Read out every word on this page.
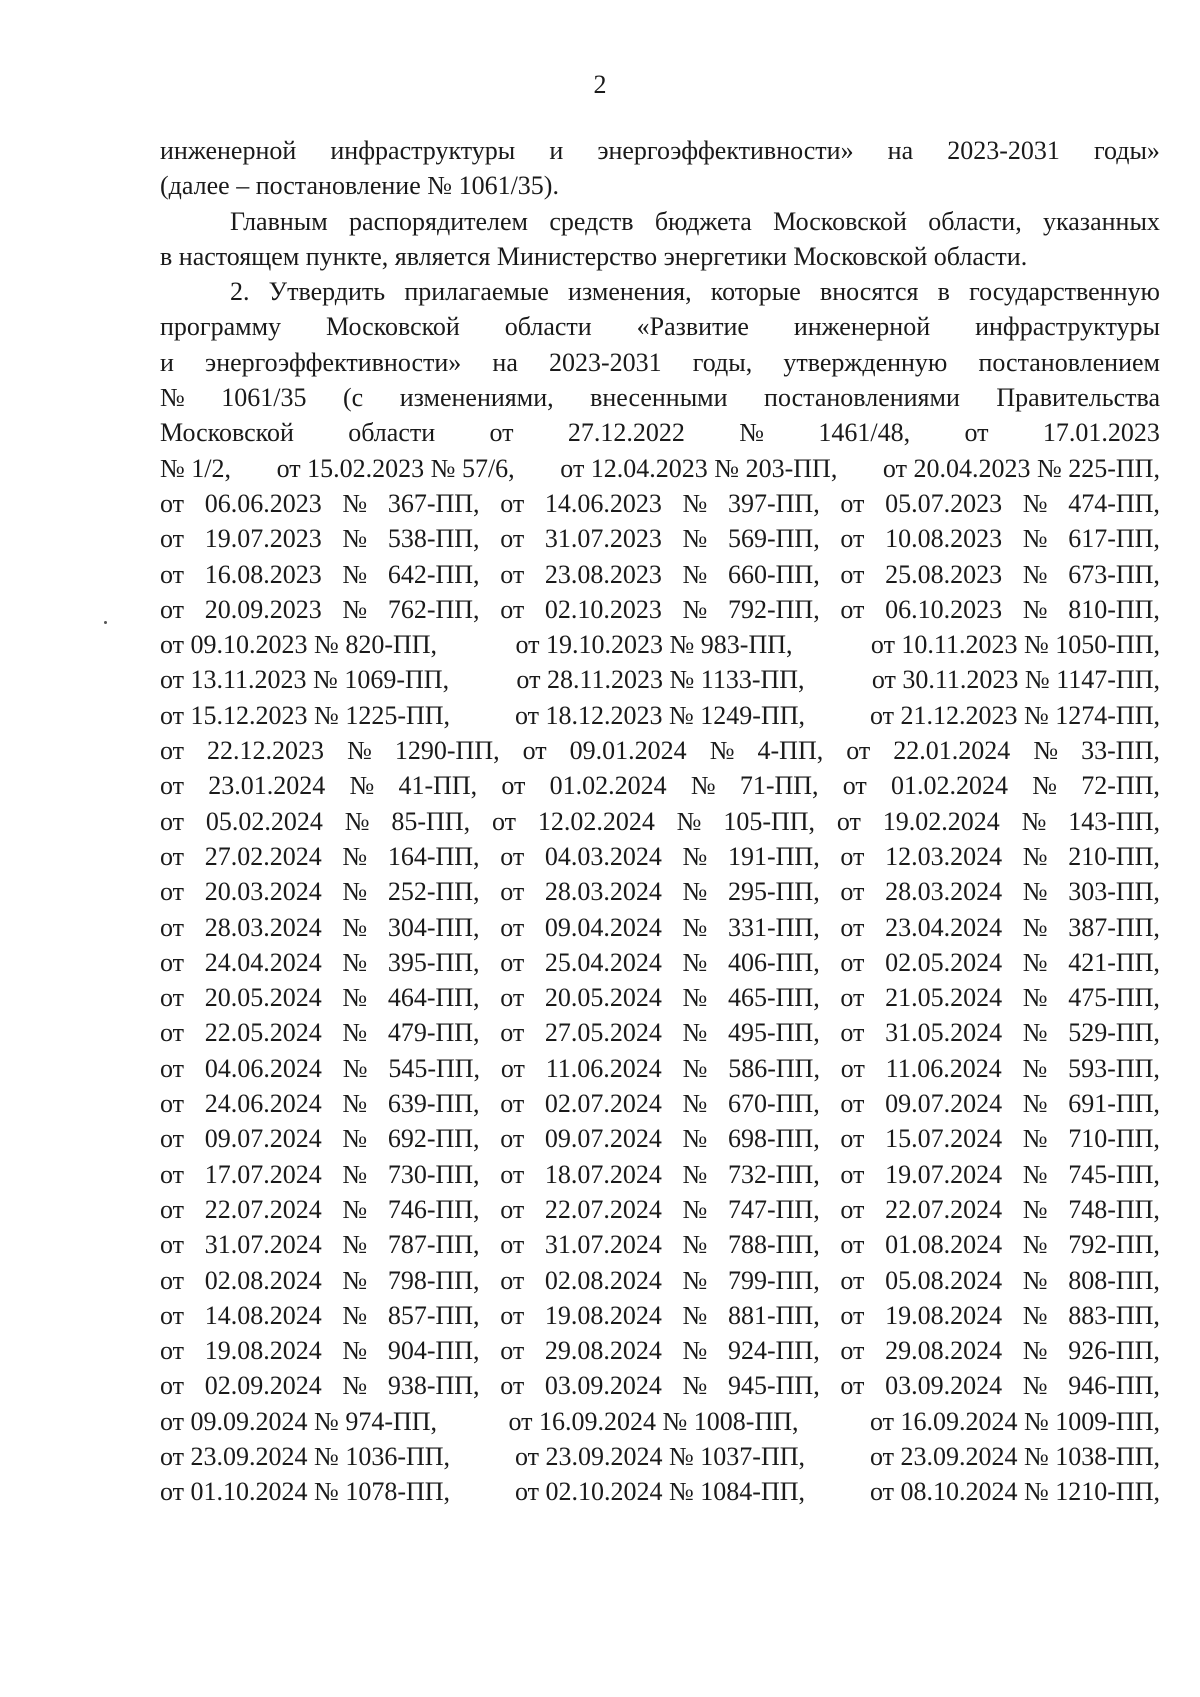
2
инженерной инфраструктуры и энергоэффективности» на 2023-2031 годы»
(далее – постановление № 1061/35).
Главным распорядителем средств бюджета Московской области, указанных
в настоящем пункте, является Министерство энергетики Московской области.
2. Утвердить прилагаемые изменения, которые вносятся в государственную
программу Московской области «Развитие инженерной инфраструктуры
и энергоэффективности» на 2023-2031 годы, утвержденную постановлением
№ 1061/35 (с изменениями, внесенными постановлениями Правительства
Московской области от 27.12.2022 № 1461/48, от 17.01.2023
№ 1/2, от 15.02.2023 № 57/6, от 12.04.2023 № 203-ПП, от 20.04.2023 № 225-ПП,
от 06.06.2023 № 367-ПП, от 14.06.2023 № 397-ПП, от 05.07.2023 № 474-ПП,
от 19.07.2023 № 538-ПП, от 31.07.2023 № 569-ПП, от 10.08.2023 № 617-ПП,
от 16.08.2023 № 642-ПП, от 23.08.2023 № 660-ПП, от 25.08.2023 № 673-ПП,
от 20.09.2023 № 762-ПП, от 02.10.2023 № 792-ПП, от 06.10.2023 № 810-ПП,
от 09.10.2023 № 820-ПП,	от 19.10.2023 № 983-ПП,	от 10.11.2023 № 1050-ПП,
от 13.11.2023 № 1069-ПП,	от 28.11.2023 № 1133-ПП,	от 30.11.2023 № 1147-ПП,
от 15.12.2023 № 1225-ПП, от 18.12.2023 № 1249-ПП, от 21.12.2023 № 1274-ПП,
от 22.12.2023 № 1290-ПП, от 09.01.2024 № 4-ПП, от 22.01.2024 № 33-ПП,
от 23.01.2024 № 41-ПП, от 01.02.2024 № 71-ПП, от 01.02.2024 № 72-ПП,
от 05.02.2024 № 85-ПП, от 12.02.2024 № 105-ПП, от 19.02.2024 № 143-ПП,
от 27.02.2024 № 164-ПП, от 04.03.2024 № 191-ПП, от 12.03.2024 № 210-ПП,
от 20.03.2024 № 252-ПП, от 28.03.2024 № 295-ПП, от 28.03.2024 № 303-ПП,
от 28.03.2024 № 304-ПП, от 09.04.2024 № 331-ПП, от 23.04.2024 № 387-ПП,
от 24.04.2024 № 395-ПП, от 25.04.2024 № 406-ПП, от 02.05.2024 № 421-ПП,
от 20.05.2024 № 464-ПП, от 20.05.2024 № 465-ПП, от 21.05.2024 № 475-ПП,
от 22.05.2024 № 479-ПП, от 27.05.2024 № 495-ПП, от 31.05.2024 № 529-ПП,
от 04.06.2024 № 545-ПП, от 11.06.2024 № 586-ПП, от 11.06.2024 № 593-ПП,
от 24.06.2024 № 639-ПП, от 02.07.2024 № 670-ПП, от 09.07.2024 № 691-ПП,
от 09.07.2024 № 692-ПП, от 09.07.2024 № 698-ПП, от 15.07.2024 № 710-ПП,
от 17.07.2024 № 730-ПП, от 18.07.2024 № 732-ПП, от 19.07.2024 № 745-ПП,
от 22.07.2024 № 746-ПП, от 22.07.2024 № 747-ПП, от 22.07.2024 № 748-ПП,
от 31.07.2024 № 787-ПП, от 31.07.2024 № 788-ПП, от 01.08.2024 № 792-ПП,
от 02.08.2024 № 798-ПП, от 02.08.2024 № 799-ПП, от 05.08.2024 № 808-ПП,
от 14.08.2024 № 857-ПП, от 19.08.2024 № 881-ПП, от 19.08.2024 № 883-ПП,
от 19.08.2024 № 904-ПП, от 29.08.2024 № 924-ПП, от 29.08.2024 № 926-ПП,
от 02.09.2024 № 938-ПП, от 03.09.2024 № 945-ПП, от 03.09.2024 № 946-ПП,
от 09.09.2024 № 974-ПП,	от 16.09.2024 № 1008-ПП,	от 16.09.2024 № 1009-ПП,
от 23.09.2024 № 1036-ПП, от 23.09.2024 № 1037-ПП, от 23.09.2024 № 1038-ПП,
от 01.10.2024 № 1078-ПП, от 02.10.2024 № 1084-ПП, от 08.10.2024 № 1210-ПП,
